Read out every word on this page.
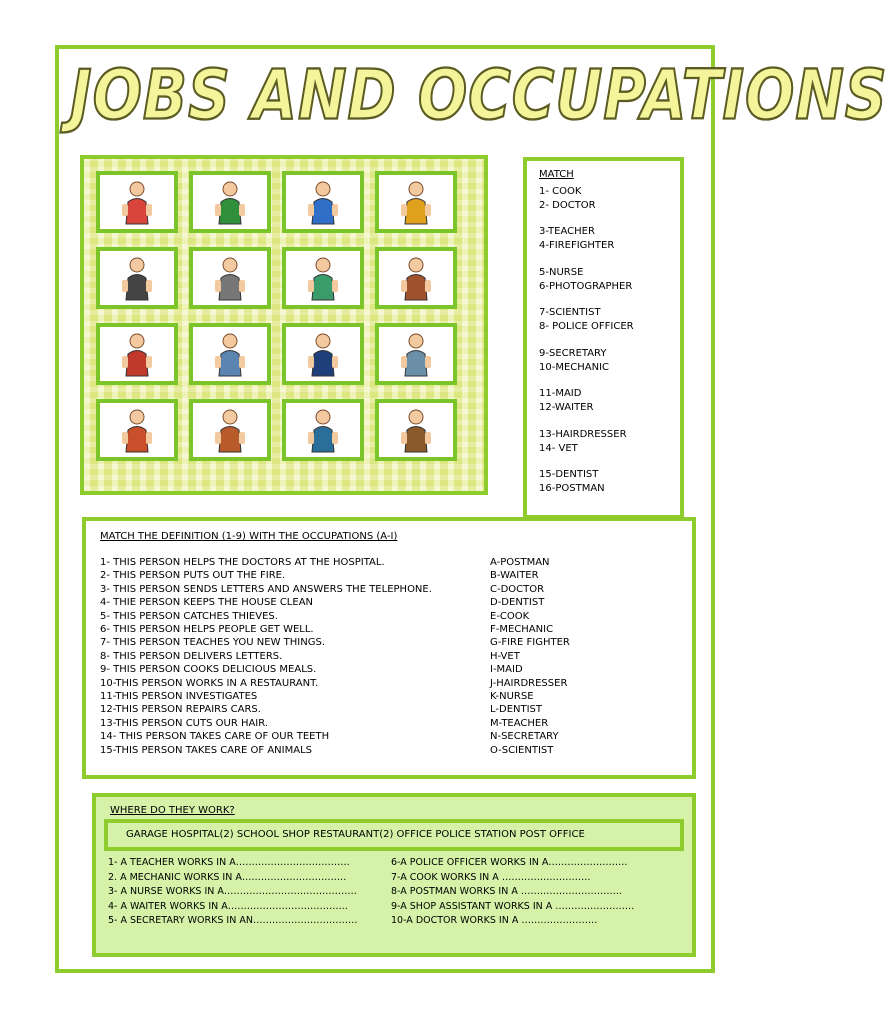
JOBS AND OCCUPATIONS
MATCH
1- COOK
2- DOCTOR
3-TEACHER
4-FIREFIGHTER
5-NURSE
6-PHOTOGRAPHER
7-SCIENTIST
8- POLICE OFFICER
9-SECRETARY
10-MECHANIC
11-MAID
12-WAITER
13-HAIRDRESSER
14- VET
15-DENTIST
16-POSTMAN
MATCH THE DEFINITION (1-9) WITH THE OCCUPATIONS (A-I)
1- THIS PERSON HELPS THE DOCTORS AT THE HOSPITAL.
2- THIS PERSON PUTS OUT THE FIRE.
3- THIS PERSON SENDS LETTERS AND ANSWERS THE TELEPHONE.
4- THIE PERSON KEEPS THE HOUSE CLEAN
5- THIS PERSON CATCHES THIEVES.
6- THIS PERSON HELPS PEOPLE GET WELL.
7- THIS PERSON TEACHES YOU NEW THINGS.
8- THIS PERSON DELIVERS LETTERS.
9- THIS PERSON COOKS DELICIOUS MEALS.
10-THIS PERSON WORKS IN A RESTAURANT.
11-THIS PERSON INVESTIGATES
12-THIS PERSON REPAIRS CARS.
13-THIS PERSON CUTS OUR HAIR.
14- THIS PERSON TAKES CARE OF OUR TEETH
15-THIS PERSON TAKES CARE OF ANIMALS
A-POSTMAN
B-WAITER
C-DOCTOR
D-DENTIST
E-COOK
F-MECHANIC
G-FIRE FIGHTER
H-VET
I-MAID
J-HAIRDRESSER
K-NURSE
L-DENTIST
M-TEACHER
N-SECRETARY
O-SCIENTIST
WHERE DO THEY WORK?
GARAGE HOSPITAL(2) SCHOOL SHOP RESTAURANT(2) OFFICE POLICE STATION POST OFFICE
1- A TEACHER WORKS IN A………………………………
2. A MECHANIC WORKS IN A……………………………
3- A NURSE WORKS IN A……………………………………
4- A WAITER WORKS IN A………………………………..
5- A SECRETARY WORKS IN AN……………………………
6-A POLICE OFFICER WORKS IN A…………………….
7-A COOK WORKS IN A ……………………….
8-A POSTMAN WORKS IN A …………………………..
9-A SHOP ASSISTANT WORKS IN A …………………….
10-A DOCTOR WORKS IN A ……………………
